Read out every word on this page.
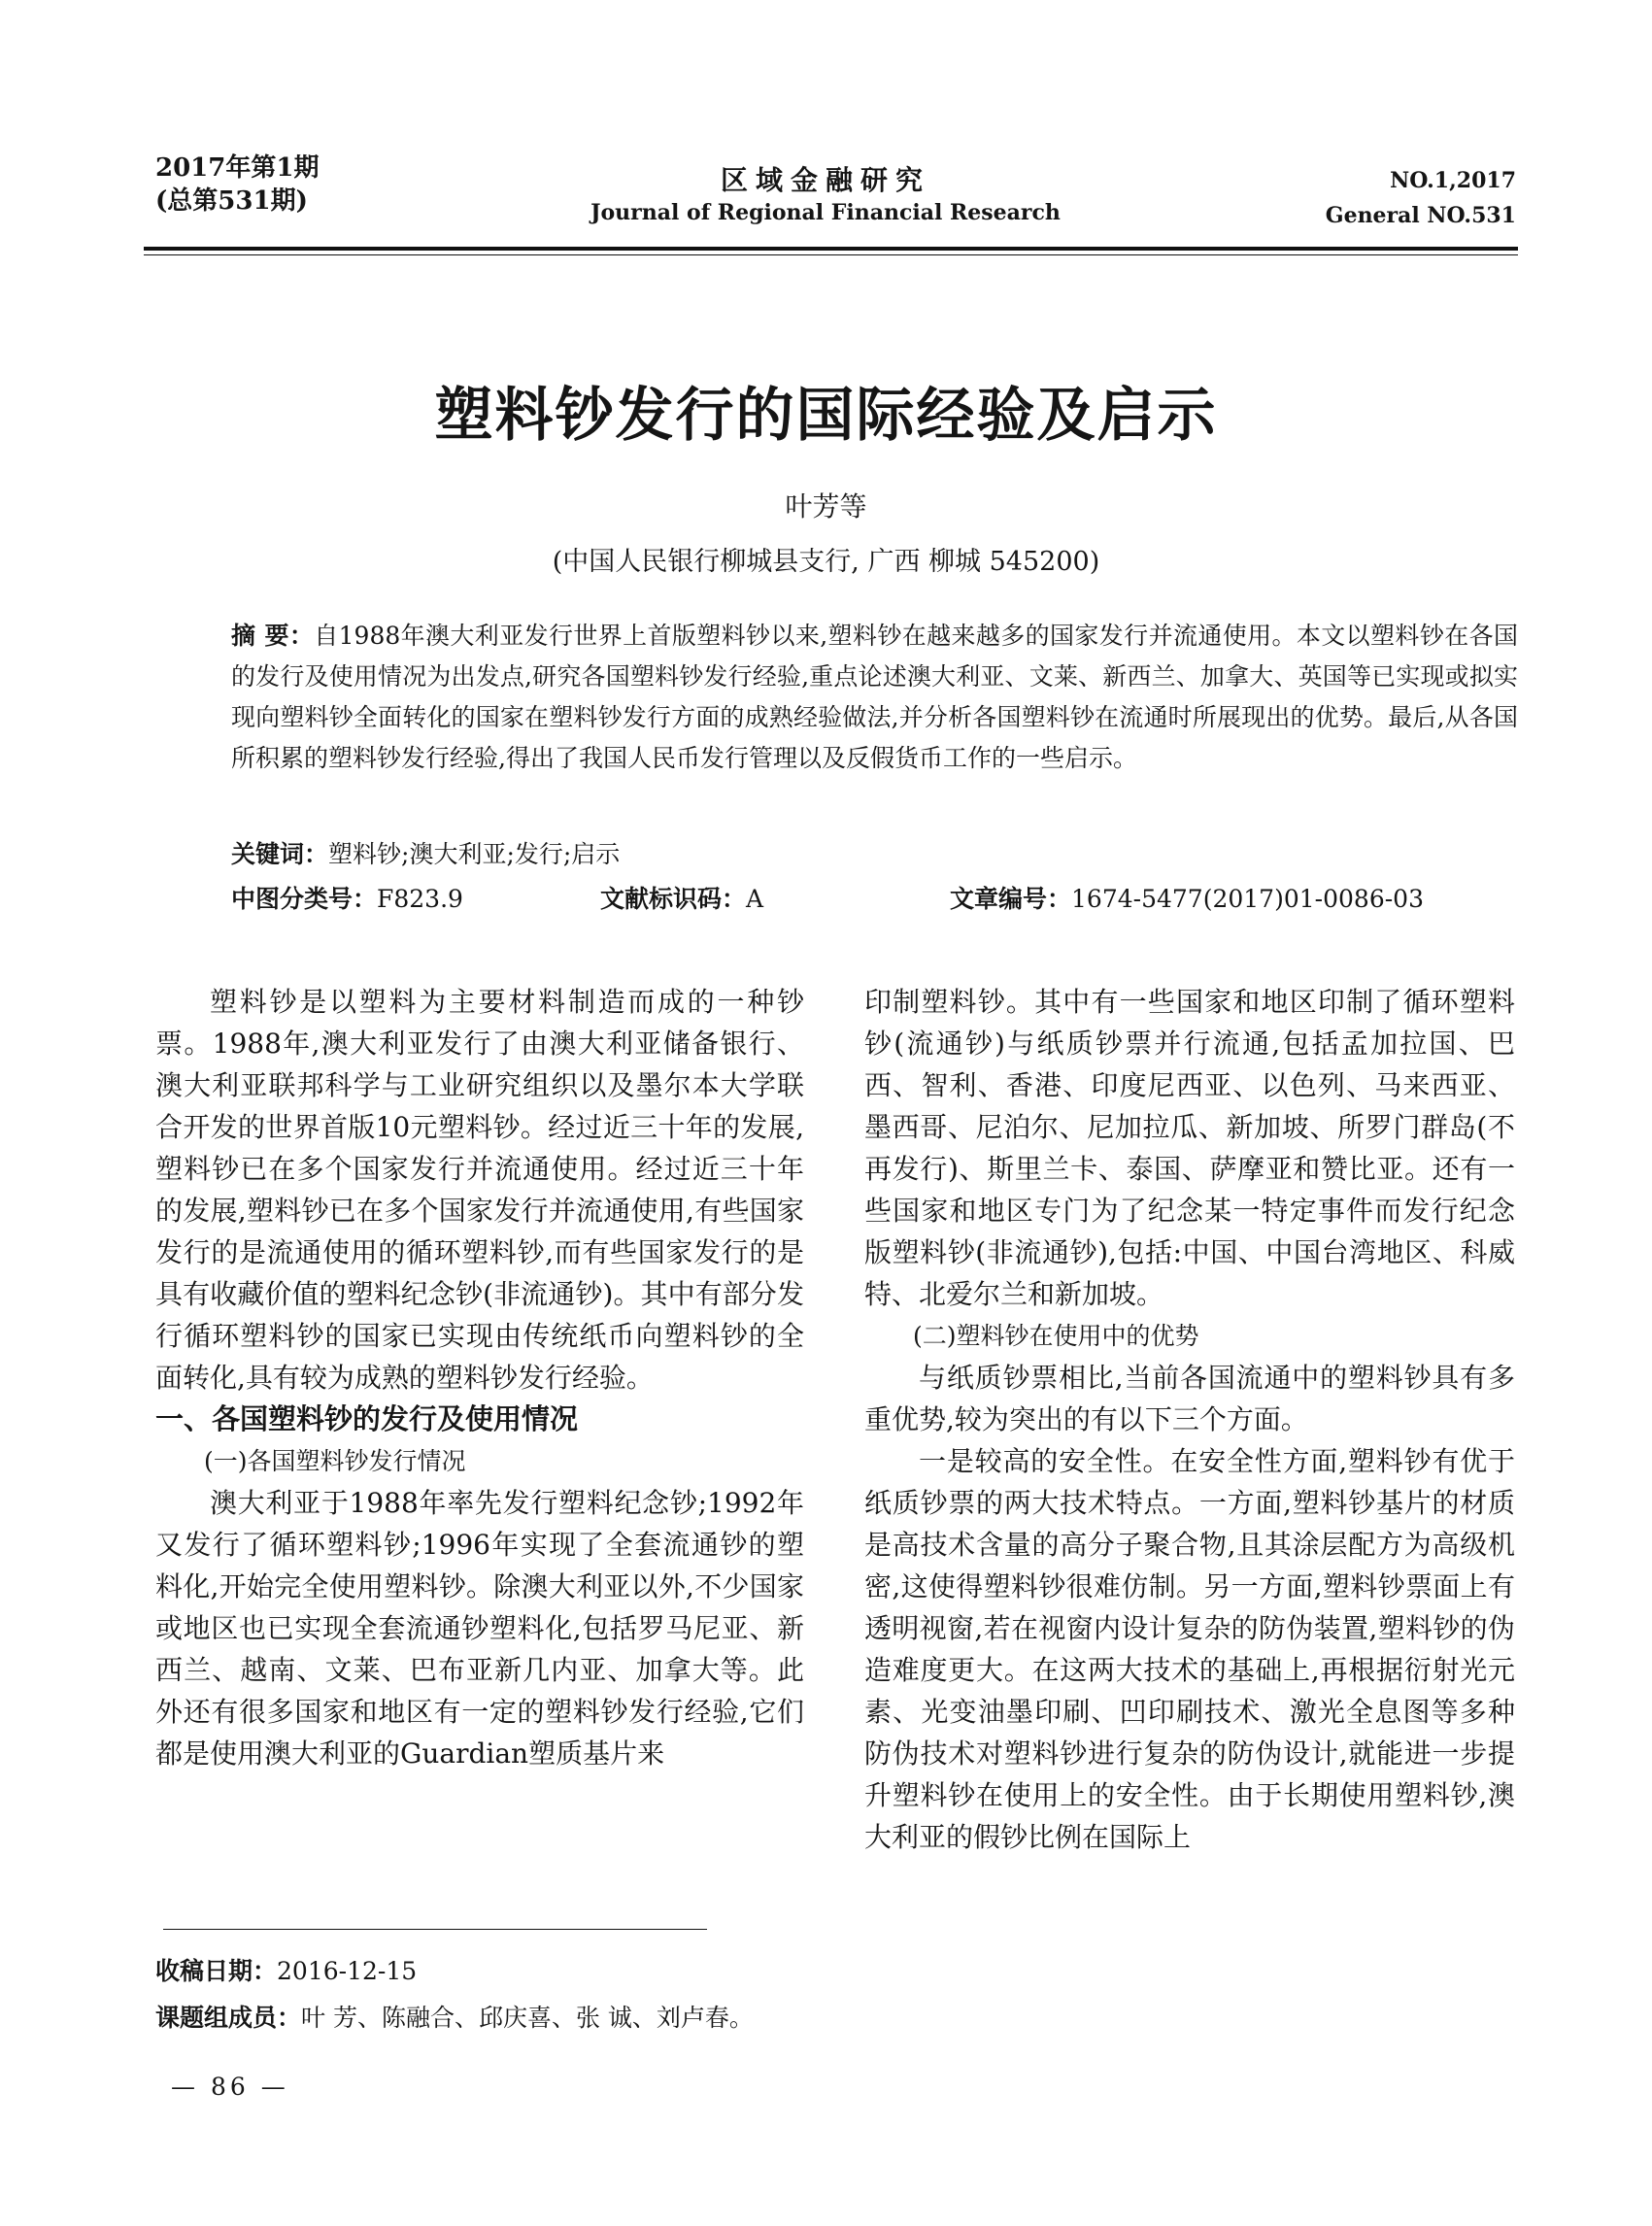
2017年第1期
(总第531期)
区域金融研究
Journal of Regional Financial Research
NO.1,2017
General NO.531
塑料钞发行的国际经验及启示
叶芳等
(中国人民银行柳城县支行, 广西 柳城 545200)
摘 要：自1988年澳大利亚发行世界上首版塑料钞以来,塑料钞在越来越多的国家发行并流通使用。本文以塑料钞在各国的发行及使用情况为出发点,研究各国塑料钞发行经验,重点论述澳大利亚、文莱、新西兰、加拿大、英国等已实现或拟实现向塑料钞全面转化的国家在塑料钞发行方面的成熟经验做法,并分析各国塑料钞在流通时所展现出的优势。最后,从各国所积累的塑料钞发行经验,得出了我国人民币发行管理以及反假货币工作的一些启示。
关键词：塑料钞;澳大利亚;发行;启示
中图分类号：F823.9	文献标识码：A	文章编号：1674-5477(2017)01-0086-03

塑料钞是以塑料为主要材料制造而成的一种钞票。1988年,澳大利亚发行了由澳大利亚储备银行、澳大利亚联邦科学与工业研究组织以及墨尔本大学联合开发的世界首版10元塑料钞。经过近三十年的发展,塑料钞已在多个国家发行并流通使用。经过近三十年的发展,塑料钞已在多个国家发行并流通使用,有些国家发行的是流通使用的循环塑料钞,而有些国家发行的是具有收藏价值的塑料纪念钞(非流通钞)。其中有部分发行循环塑料钞的国家已实现由传统纸币向塑料钞的全面转化,具有较为成熟的塑料钞发行经验。

一、各国塑料钞的发行及使用情况

(一)各国塑料钞发行情况

澳大利亚于1988年率先发行塑料纪念钞;1992年又发行了循环塑料钞;1996年实现了全套流通钞的塑料化,开始完全使用塑料钞。除澳大利亚以外,不少国家或地区也已实现全套流通钞塑料化,包括罗马尼亚、新西兰、越南、文莱、巴布亚新几内亚、加拿大等。此外还有很多国家和地区有一定的塑料钞发行经验,它们都是使用澳大利亚的Guardian塑质基片来

印制塑料钞。其中有一些国家和地区印制了循环塑料钞(流通钞)与纸质钞票并行流通,包括孟加拉国、巴西、智利、香港、印度尼西亚、以色列、马来西亚、墨西哥、尼泊尔、尼加拉瓜、新加坡、所罗门群岛(不再发行)、斯里兰卡、泰国、萨摩亚和赞比亚。还有一些国家和地区专门为了纪念某一特定事件而发行纪念版塑料钞(非流通钞),包括:中国、中国台湾地区、科威特、北爱尔兰和新加坡。

(二)塑料钞在使用中的优势

与纸质钞票相比,当前各国流通中的塑料钞具有多重优势,较为突出的有以下三个方面。

一是较高的安全性。在安全性方面,塑料钞有优于纸质钞票的两大技术特点。一方面,塑料钞基片的材质是高技术含量的高分子聚合物,且其涂层配方为高级机密,这使得塑料钞很难仿制。另一方面,塑料钞票面上有透明视窗,若在视窗内设计复杂的防伪装置,塑料钞的伪造难度更大。在这两大技术的基础上,再根据衍射光元素、光变油墨印刷、凹印刷技术、激光全息图等多种防伪技术对塑料钞进行复杂的防伪设计,就能进一步提升塑料钞在使用上的安全性。由于长期使用塑料钞,澳大利亚的假钞比例在国际上

收稿日期：2016-12-15
课题组成员：叶 芳、陈融合、邱庆喜、张 诚、刘卢春。
— 86 —
